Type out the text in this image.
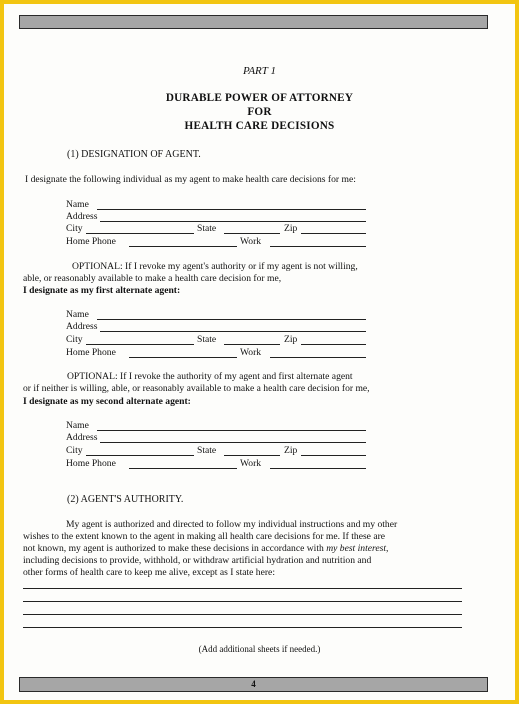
PART 1
DURABLE POWER OF ATTORNEY
FOR
HEALTH CARE DECISIONS
(1) DESIGNATION OF AGENT.
I designate the following individual as my agent to make health care decisions for me:
Name
Address
City	State	Zip
Home Phone	Work
OPTIONAL: If I revoke my agent's authority or if my agent is not willing,
able, or reasonably available to make a health care decision for me,
I designate as my first alternate agent:
Name
Address
City	State	Zip
Home Phone	Work
OPTIONAL: If I revoke the authority of my agent and first alternate agent
or if neither is willing, able, or reasonably available to make a health care decision for me,
I designate as my second alternate agent:
Name
Address
City	State	Zip
Home Phone	Work
(2) AGENT'S AUTHORITY.
My agent is authorized and directed to follow my individual instructions and my other
wishes to the extent known to the agent in making all health care decisions for me. If these are
not known, my agent is authorized to make these decisions in accordance with my best interest,
including decisions to provide, withhold, or withdraw artificial hydration and nutrition and
other forms of health care to keep me alive, except as I state here:
(Add additional sheets if needed.)
4
